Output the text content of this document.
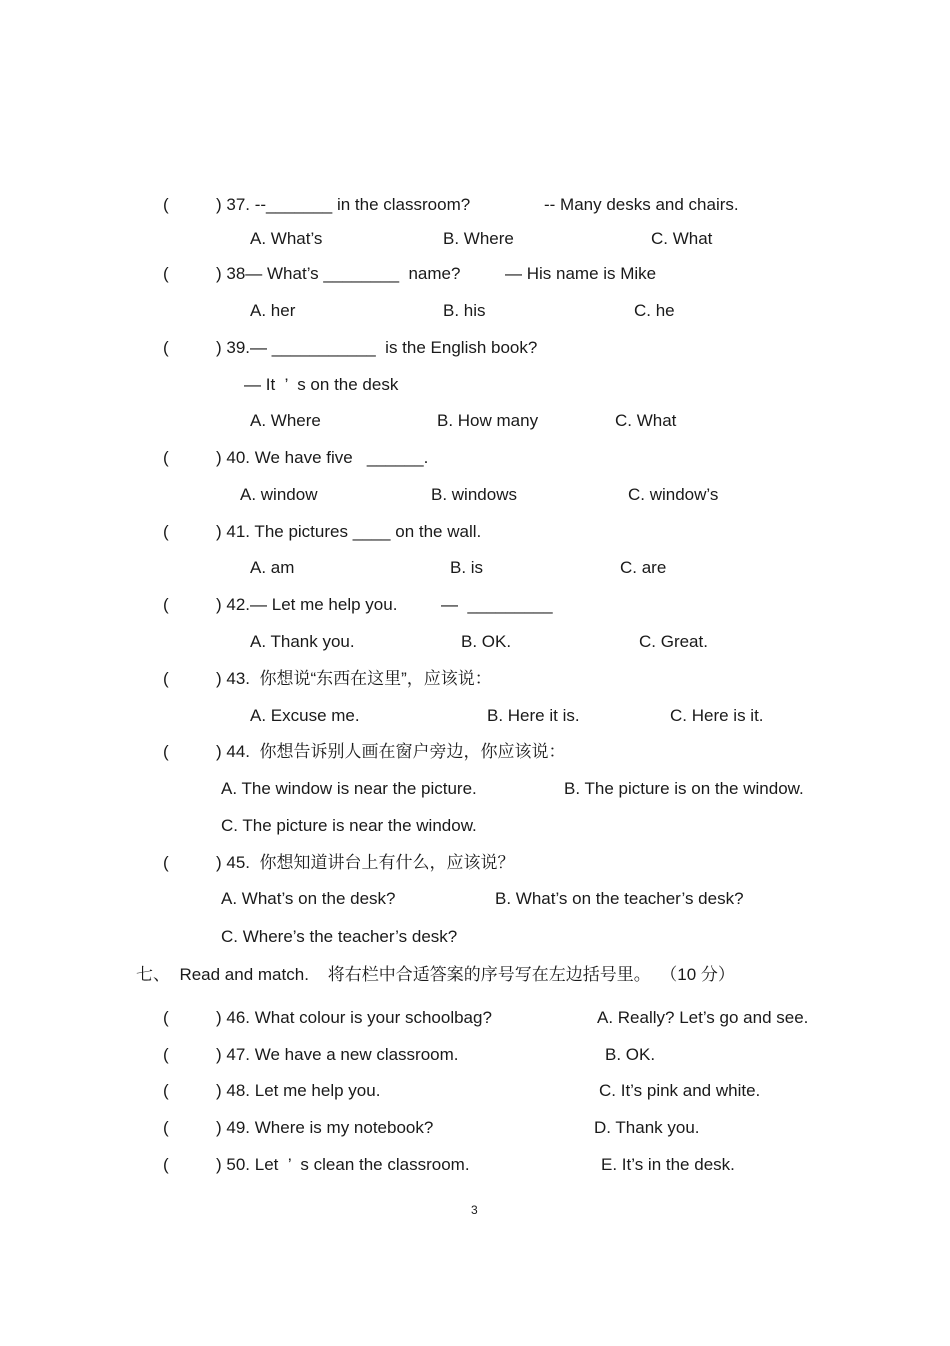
(	) 37. --_______ in the classroom?	-- Many desks and chairs.
A. What’s	B. Where	C. What
(	) 38— What’s ________  name?	— His name is Mike
A. her	B. his	C. he
(	) 39.— ___________  is the English book?
— It  ’  s on the desk
A. Where	B. How many	C. What
(	) 40. We have five   ______.
A. window	B. windows	C. window’s
(	) 41. The pictures ____ on the wall.
A. am	B. is	C. are
(	) 42.— Let me help you.	—  _________
A. Thank you.	B. OK.	C. Great.
(	) 43.  你想说“东西在这里”，应该说：
A. Excuse me.	B. Here it is.	C. Here is it.
(	) 44.  你想告诉别人画在窗户旁边，你应该说：
A. The window is near the picture.	B. The picture is on the window.
C. The picture is near the window.
(	) 45.  你想知道讲台上有什么，应该说？
A. What’s on the desk?	B. What’s on the teacher’s desk?
C. Where’s the teacher’s desk?
七、  Read and match.    将右栏中合适答案的序号写在左边括号里。  （10 分）
(	) 46. What colour is your schoolbag?	A. Really? Let’s go and see.
(	) 47. We have a new classroom.	B. OK.
(	) 48. Let me help you.	C. It’s pink and white.
(	) 49. Where is my notebook?	D. Thank you.
(	) 50. Let  ’  s clean the classroom.	E. It’s in the desk.
3
